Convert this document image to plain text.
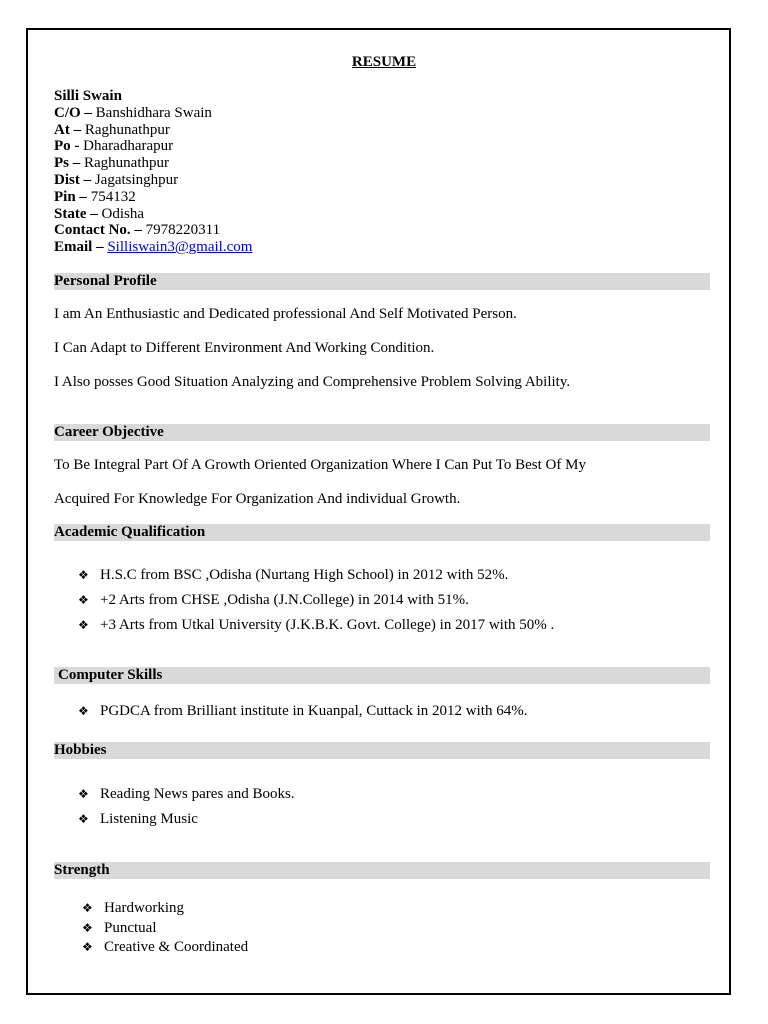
RESUME
Silli Swain
C/O – Banshidhara Swain
At – Raghunathpur
Po - Dharadharapur
Ps – Raghunathpur
Dist – Jagatsinghpur
Pin – 754132
State – Odisha
Contact No. – 7978220311
Email – Silliswain3@gmail.com
Personal Profile
I am An Enthusiastic and Dedicated professional And Self Motivated Person.
I Can Adapt to Different Environment And Working Condition.
I Also posses Good Situation Analyzing and Comprehensive Problem Solving Ability.
Career Objective
To Be Integral Part Of A Growth Oriented Organization Where I Can Put To Best Of My
Acquired For Knowledge For Organization And individual Growth.
Academic Qualification
❖ H.S.C from BSC ,Odisha (Nurtang High School) in 2012 with 52%.
❖ +2 Arts from CHSE ,Odisha (J.N.College) in 2014 with 51%.
❖ +3 Arts from Utkal University (J.K.B.K. Govt. College) in 2017 with 50% .
Computer Skills
❖ PGDCA from Brilliant institute in Kuanpal, Cuttack in 2012 with 64%.
Hobbies
❖ Reading News pares and Books.
❖ Listening Music
Strength
❖ Hardworking
❖ Punctual
❖ Creative & Coordinated
